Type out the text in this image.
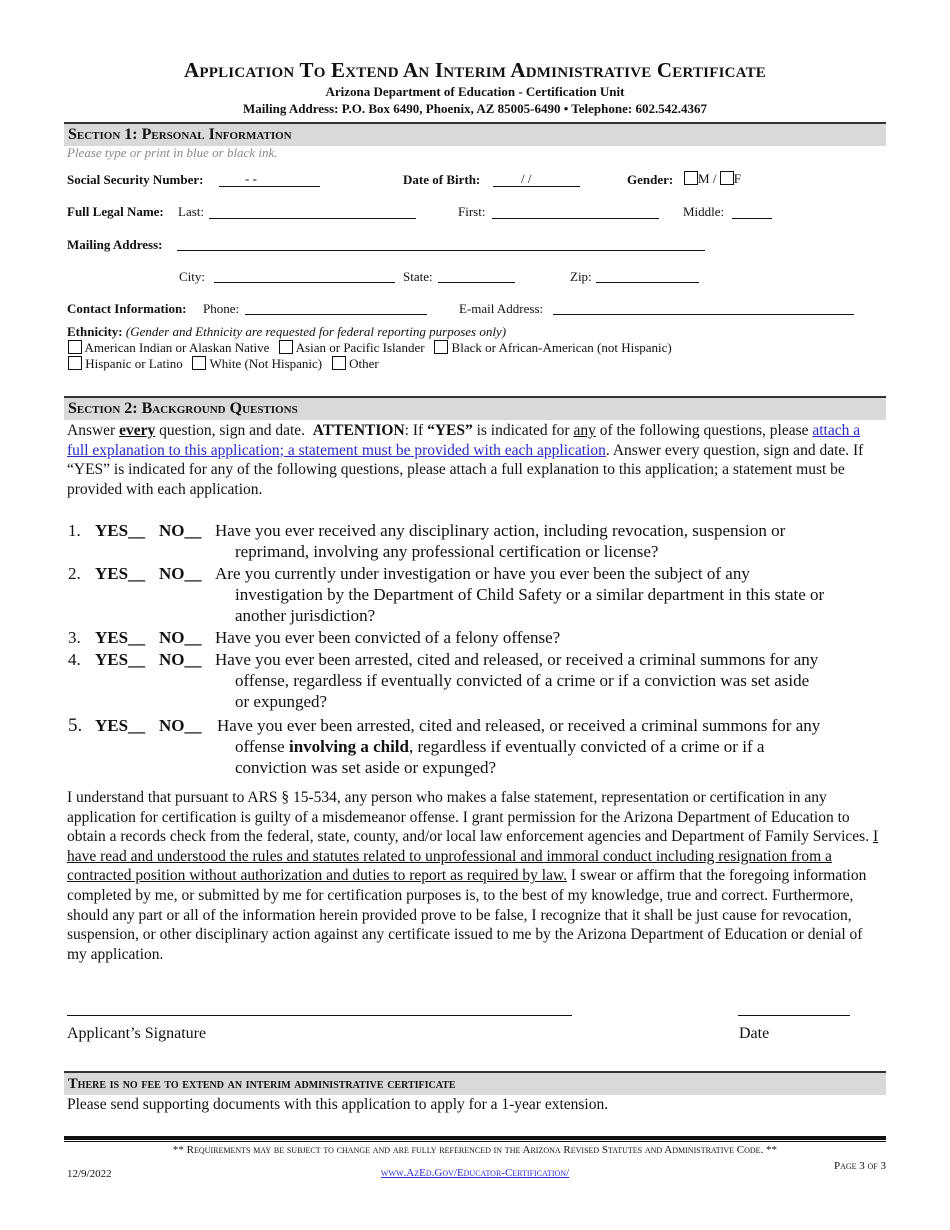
Application To Extend An Interim Administrative Certificate
Arizona Department of Education - Certification Unit
Mailing Address: P.O. Box 6490, Phoenix, AZ 85005-6490 • Telephone: 602.542.4367
Section 1: Personal Information
Please type or print in blue or black ink.
Social Security Number:	- -	Date of Birth:	/ /	Gender:	M / F
Full Legal Name: Last:	First:	Middle:
Mailing Address:
City:	State:	Zip:
Contact Information: Phone:	E-mail Address:
Ethnicity: (Gender and Ethnicity are requested for federal reporting purposes only)
American Indian or Alaskan Native Asian or Pacific Islander Black or African-American (not Hispanic)
Hispanic or Latino White (Not Hispanic) Other
Section 2: Background Questions
Answer every question, sign and date. ATTENTION: If “YES” is indicated for any of the following questions, please attach a full explanation to this application; a statement must be provided with each application. Answer every question, sign and date. If “YES” is indicated for any of the following questions, please attach a full explanation to this application; a statement must be provided with each application.
1. YES__ NO__ Have you ever received any disciplinary action, including revocation, suspension or
reprimand, involving any professional certification or license?
2. YES__ NO__ Are you currently under investigation or have you ever been the subject of any
investigation by the Department of Child Safety or a similar department in this state or
another jurisdiction?
3. YES__ NO__ Have you ever been convicted of a felony offense?
4. YES__ NO__ Have you ever been arrested, cited and released, or received a criminal summons for any
offense, regardless if eventually convicted of a crime or if a conviction was set aside
or expunged?
5. YES__ NO__ Have you ever been arrested, cited and released, or received a criminal summons for any
offense involving a child, regardless if eventually convicted of a crime or if a
conviction was set aside or expunged?
I understand that pursuant to ARS § 15-534, any person who makes a false statement, representation or certification in any application for certification is guilty of a misdemeanor offense. I grant permission for the Arizona Department of Education to obtain a records check from the federal, state, county, and/or local law enforcement agencies and Department of Family Services. I have read and understood the rules and statutes related to unprofessional and immoral conduct including resignation from a contracted position without authorization and duties to report as required by law. I swear or affirm that the foregoing information completed by me, or submitted by me for certification purposes is, to the best of my knowledge, true and correct. Furthermore, should any part or all of the information herein provided prove to be false, I recognize that it shall be just cause for revocation, suspension, or other disciplinary action against any certificate issued to me by the Arizona Department of Education or denial of my application.
Applicant’s Signature	Date
There is no fee to extend an interim administrative certificate
Please send supporting documents with this application to apply for a 1-year extension.
** Requirements may be subject to change and are fully referenced in the Arizona Revised Statutes and Administrative Code. **
Page 3 of 3
12/9/2022	www.AzEd.Gov/Educator-Certification/
